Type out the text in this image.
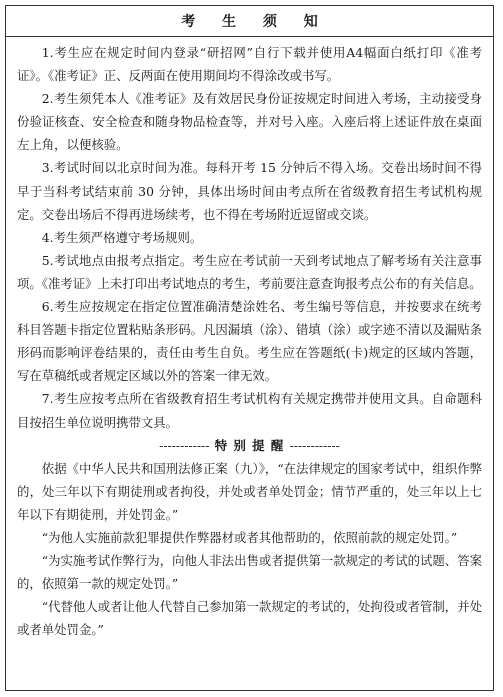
考 生 须 知

1.考生应在规定时间内登录“研招网”自行下载并使用A4幅面白纸打印《准考证》。《准考证》正、反两面在使用期间均不得涂改或书写。

2.考生须凭本人《准考证》及有效居民身份证按规定时间进入考场，主动接受身份验证核查、安全检查和随身物品检查等，并对号入座。入座后将上述证件放在桌面左上角，以便核验。

3.考试时间以北京时间为准。每科开考 15 分钟后不得入场。交卷出场时间不得早于当科考试结束前 30 分钟，具体出场时间由考点所在省级教育招生考试机构规定。交卷出场后不得再进场续考，也不得在考场附近逗留或交谈。

4.考生须严格遵守考场规则。

5.考试地点由报考点指定。考生应在考试前一天到考试地点了解考场有关注意事项。《准考证》上未打印出考试地点的考生，考前要注意查询报考点公布的有关信息。

6.考生应按规定在指定位置准确清楚涂姓名、考生编号等信息，并按要求在统考科目答题卡指定位置粘贴条形码。凡因漏填（涂）、错填（涂）或字迹不清以及漏贴条形码而影响评卷结果的，责任由考生自负。考生应在答题纸(卡)规定的区域内答题，写在草稿纸或者规定区域以外的答案一律无效。

7.考生应按考点所在省级教育招生考试机构有关规定携带并使用文具。自命题科目按招生单位说明携带文具。

------------ 特 别 提 醒 ------------

依据《中华人民共和国刑法修正案（九）》，“在法律规定的国家考试中，组织作弊的，处三年以下有期徒刑或者拘役，并处或者单处罚金；情节严重的，处三年以上七年以下有期徒刑，并处罚金。”

“为他人实施前款犯罪提供作弊器材或者其他帮助的，依照前款的规定处罚。”

“为实施考试作弊行为，向他人非法出售或者提供第一款规定的考试的试题、答案的，依照第一款的规定处罚。”

“代替他人或者让他人代替自己参加第一款规定的考试的，处拘役或者管制，并处或者单处罚金。”
